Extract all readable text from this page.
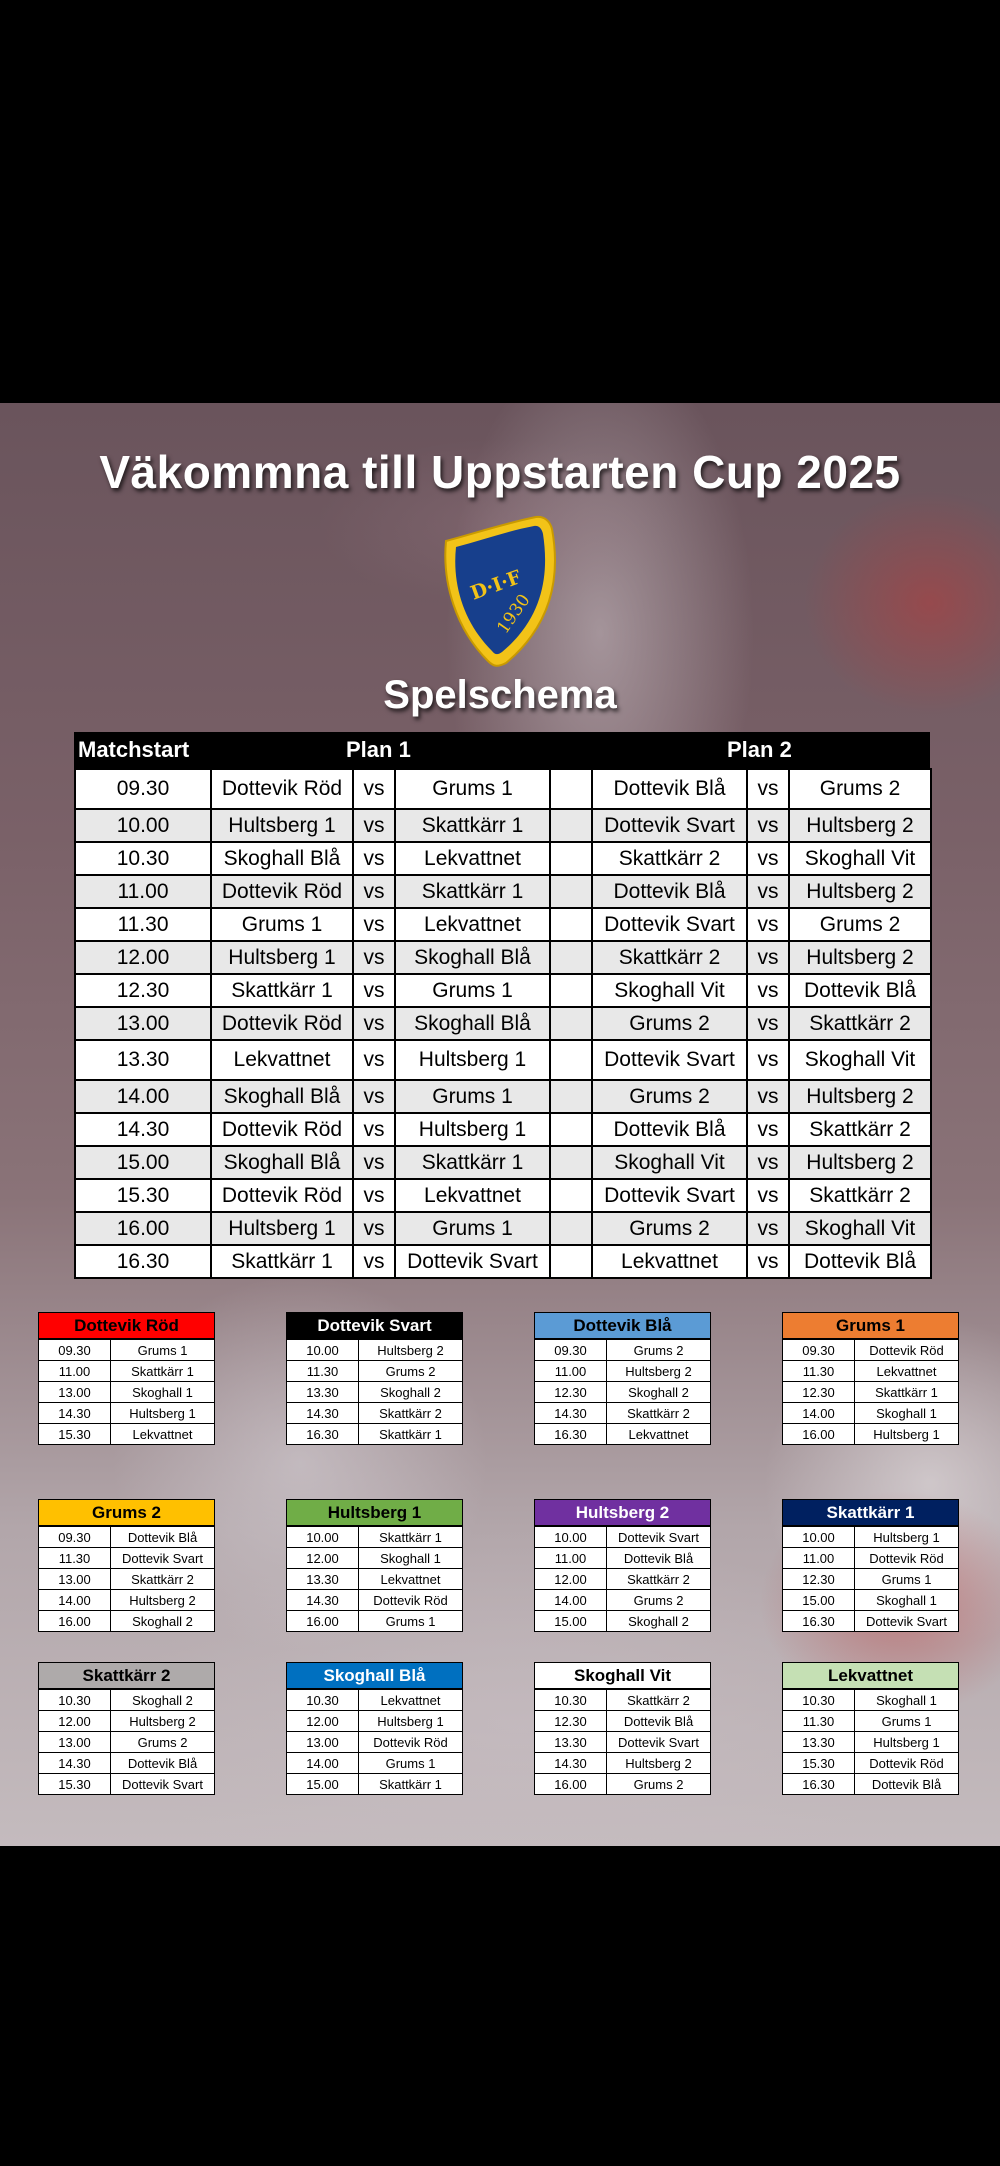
Väkommna till Uppstarten Cup 2025
D·I·F
1930
Spelschema
Matchstart	Plan 1	Plan 2
09.30	Dottevik Röd	vs	Grums 1		Dottevik Blå	vs	Grums 2
10.00	Hultsberg 1	vs	Skattkärr 1		Dottevik Svart	vs	Hultsberg 2
10.30	Skoghall Blå	vs	Lekvattnet		Skattkärr 2	vs	Skoghall Vit
11.00	Dottevik Röd	vs	Skattkärr 1		Dottevik Blå	vs	Hultsberg 2
11.30	Grums 1	vs	Lekvattnet		Dottevik Svart	vs	Grums 2
12.00	Hultsberg 1	vs	Skoghall Blå		Skattkärr 2	vs	Hultsberg 2
12.30	Skattkärr 1	vs	Grums 1		Skoghall Vit	vs	Dottevik Blå
13.00	Dottevik Röd	vs	Skoghall Blå		Grums 2	vs	Skattkärr 2
13.30	Lekvattnet	vs	Hultsberg 1		Dottevik Svart	vs	Skoghall Vit
14.00	Skoghall Blå	vs	Grums 1		Grums 2	vs	Hultsberg 2
14.30	Dottevik Röd	vs	Hultsberg 1		Dottevik Blå	vs	Skattkärr 2
15.00	Skoghall Blå	vs	Skattkärr 1		Skoghall Vit	vs	Hultsberg 2
15.30	Dottevik Röd	vs	Lekvattnet		Dottevik Svart	vs	Skattkärr 2
16.00	Hultsberg 1	vs	Grums 1		Grums 2	vs	Skoghall Vit
16.30	Skattkärr 1	vs	Dottevik Svart		Lekvattnet	vs	Dottevik Blå
Dottevik Röd
09.30	Grums 1
11.00	Skattkärr 1
13.00	Skoghall 1
14.30	Hultsberg 1
15.30	Lekvattnet
Dottevik Svart
10.00	Hultsberg 2
11.30	Grums 2
13.30	Skoghall 2
14.30	Skattkärr 2
16.30	Skattkärr 1
Dottevik Blå
09.30	Grums 2
11.00	Hultsberg 2
12.30	Skoghall 2
14.30	Skattkärr 2
16.30	Lekvattnet
Grums 1
09.30	Dottevik Röd
11.30	Lekvattnet
12.30	Skattkärr 1
14.00	Skoghall 1
16.00	Hultsberg 1
Grums 2
09.30	Dottevik Blå
11.30	Dottevik Svart
13.00	Skattkärr 2
14.00	Hultsberg 2
16.00	Skoghall 2
Hultsberg 1
10.00	Skattkärr 1
12.00	Skoghall 1
13.30	Lekvattnet
14.30	Dottevik Röd
16.00	Grums 1
Hultsberg 2
10.00	Dottevik Svart
11.00	Dottevik Blå
12.00	Skattkärr 2
14.00	Grums 2
15.00	Skoghall 2
Skattkärr 1
10.00	Hultsberg 1
11.00	Dottevik Röd
12.30	Grums 1
15.00	Skoghall 1
16.30	Dottevik Svart
Skattkärr 2
10.30	Skoghall 2
12.00	Hultsberg 2
13.00	Grums 2
14.30	Dottevik Blå
15.30	Dottevik Svart
Skoghall Blå
10.30	Lekvattnet
12.00	Hultsberg 1
13.00	Dottevik Röd
14.00	Grums 1
15.00	Skattkärr 1
Skoghall Vit
10.30	Skattkärr 2
12.30	Dottevik Blå
13.30	Dottevik Svart
14.30	Hultsberg 2
16.00	Grums 2
Lekvattnet
10.30	Skoghall 1
11.30	Grums 1
13.30	Hultsberg 1
15.30	Dottevik Röd
16.30	Dottevik Blå
